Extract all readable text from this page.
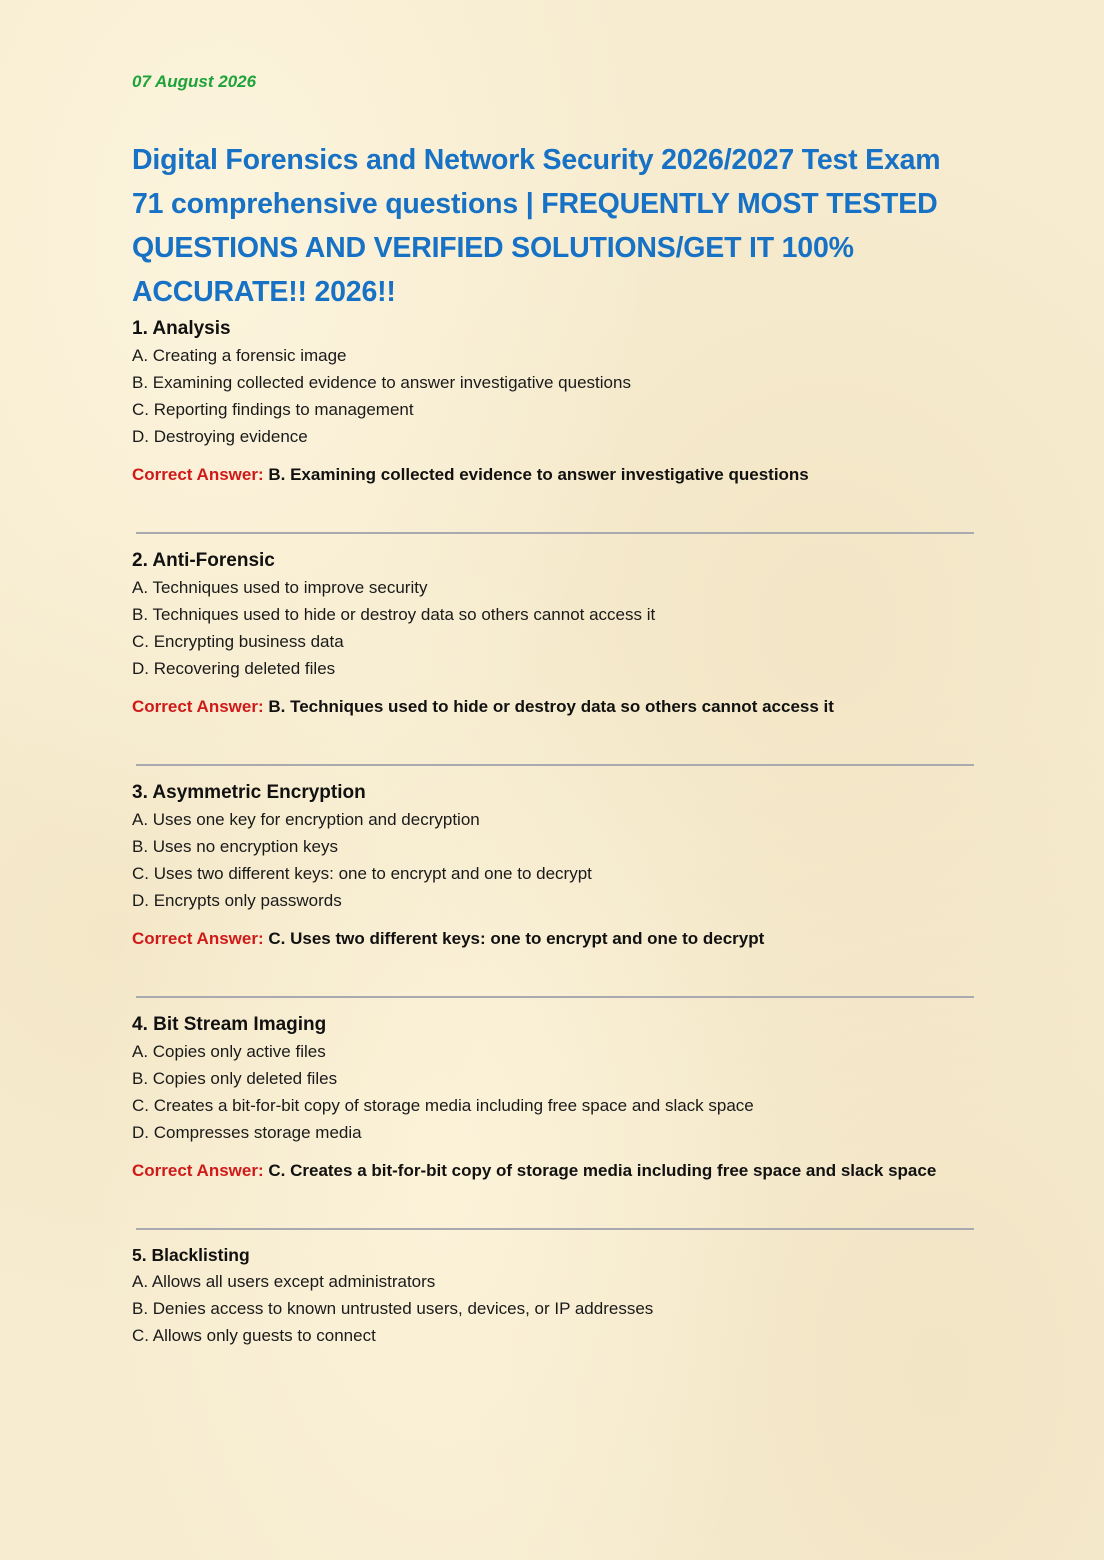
07 August 2026

Digital Forensics and Network Security 2026/2027 Test Exam 71 comprehensive questions | FREQUENTLY MOST TESTED QUESTIONS AND VERIFIED SOLUTIONS/GET IT 100% ACCURATE!! 2026!!

1. Analysis

A. Creating a forensic image

B. Examining collected evidence to answer investigative questions

C. Reporting findings to management

D. Destroying evidence

Correct Answer: B. Examining collected evidence to answer investigative questions

2. Anti-Forensic

A. Techniques used to improve security

B. Techniques used to hide or destroy data so others cannot access it

C. Encrypting business data

D. Recovering deleted files

Correct Answer: B. Techniques used to hide or destroy data so others cannot access it

3. Asymmetric Encryption

A. Uses one key for encryption and decryption

B. Uses no encryption keys

C. Uses two different keys: one to encrypt and one to decrypt

D. Encrypts only passwords

Correct Answer: C. Uses two different keys: one to encrypt and one to decrypt

4. Bit Stream Imaging

A. Copies only active files

B. Copies only deleted files

C. Creates a bit-for-bit copy of storage media including free space and slack space

D. Compresses storage media

Correct Answer: C. Creates a bit-for-bit copy of storage media including free space and slack space

5. Blacklisting

A. Allows all users except administrators

B. Denies access to known untrusted users, devices, or IP addresses

C. Allows only guests to connect
